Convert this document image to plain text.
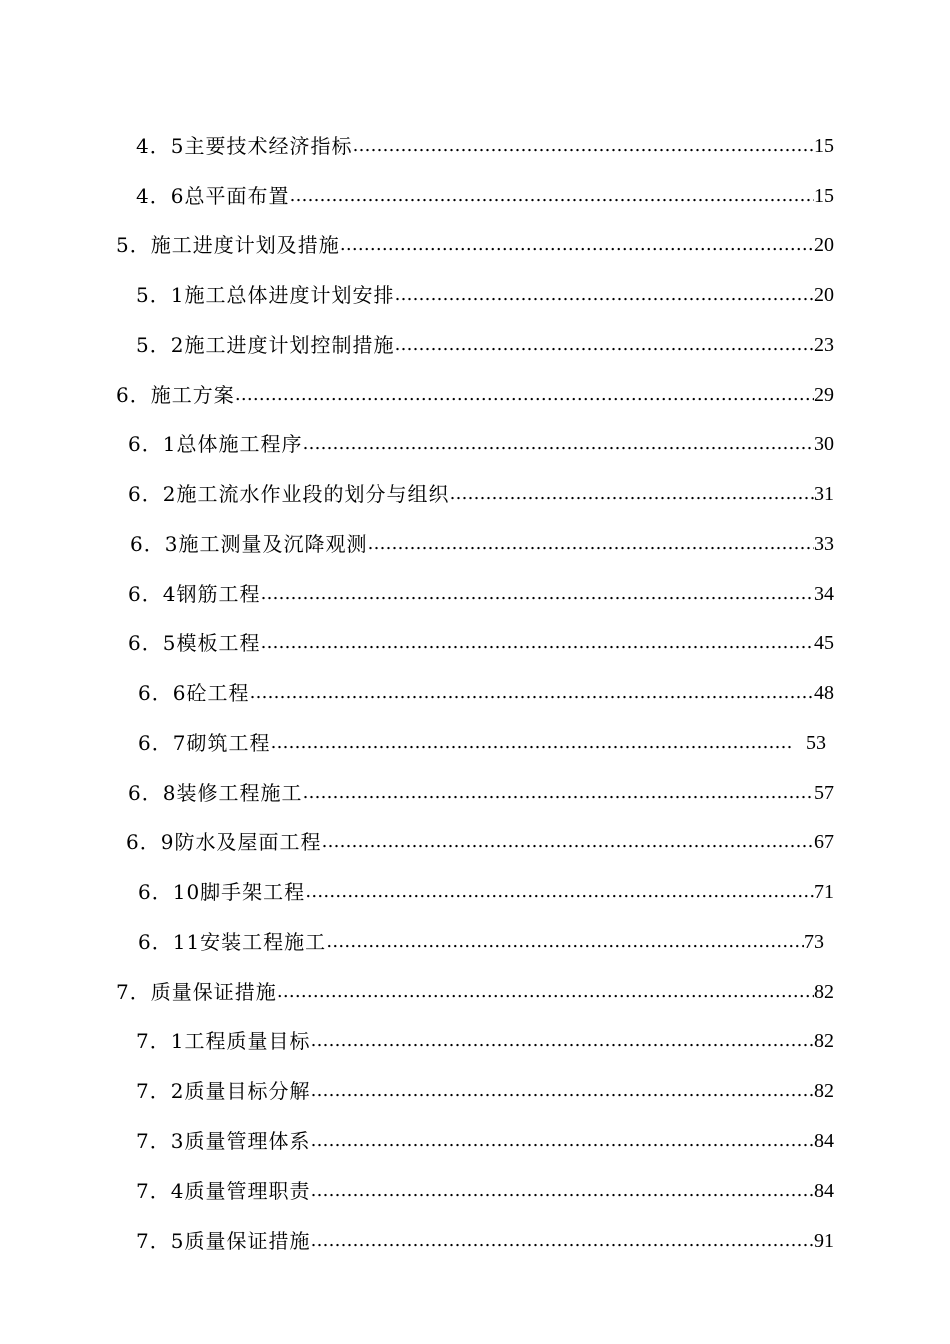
4．5主要技术经济指标 ………………………………………………………………………………………………………………………………………………………………………………………………………………………………………………	15
4．6总平面布置 ………………………………………………………………………………………………………………………………………………………………………………………………………………………………………………	15
5．施工进度计划及措施 ………………………………………………………………………………………………………………………………………………………………………………………………………………………………………………	20
5．1施工总体进度计划安排 ………………………………………………………………………………………………………………………………………………………………………………………………………………………………………………	20
5．2施工进度计划控制措施 ………………………………………………………………………………………………………………………………………………………………………………………………………………………………………………	23
6．施工方案 ………………………………………………………………………………………………………………………………………………………………………………………………………………………………………………	29
6．1总体施工程序 ………………………………………………………………………………………………………………………………………………………………………………………………………………………………………………	30
6．2施工流水作业段的划分与组织 ………………………………………………………………………………………………………………………………………………………………………………………………………………………………………………	31
6．3施工测量及沉降观测 ………………………………………………………………………………………………………………………………………………………………………………………………………………………………………………	33
6．4钢筋工程 ………………………………………………………………………………………………………………………………………………………………………………………………………………………………………………	34
6．5模板工程 ………………………………………………………………………………………………………………………………………………………………………………………………………………………………………………	45
6．6砼工程 ………………………………………………………………………………………………………………………………………………………………………………………………………………………………………………	48
6．7砌筑工程 ………………………………………………………………………………………………………………………………………………………………………………………………………………………………………………	53
6．8装修工程施工 ………………………………………………………………………………………………………………………………………………………………………………………………………………………………………………	57
6．9防水及屋面工程 ………………………………………………………………………………………………………………………………………………………………………………………………………………………………………………	67
6．10脚手架工程 ………………………………………………………………………………………………………………………………………………………………………………………………………………………………………………	71
6．11安装工程施工 ………………………………………………………………………………………………………………………………………………………………………………………………………………………………………………	73
7．质量保证措施 ………………………………………………………………………………………………………………………………………………………………………………………………………………………………………………	82
7．1工程质量目标 ………………………………………………………………………………………………………………………………………………………………………………………………………………………………………………	82
7．2质量目标分解 ………………………………………………………………………………………………………………………………………………………………………………………………………………………………………………	82
7．3质量管理体系 ………………………………………………………………………………………………………………………………………………………………………………………………………………………………………………	84
7．4质量管理职责 ………………………………………………………………………………………………………………………………………………………………………………………………………………………………………………	84
7．5质量保证措施 ………………………………………………………………………………………………………………………………………………………………………………………………………………………………………………	91
